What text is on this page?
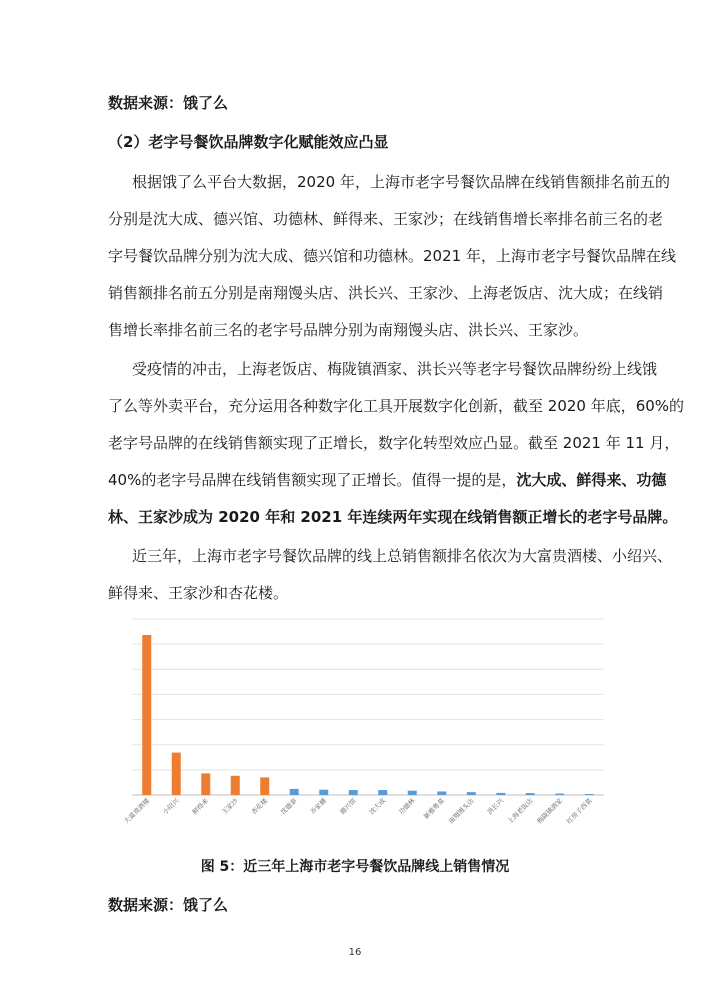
数据来源：饿了么
（2）老字号餐饮品牌数字化赋能效应凸显
根据饿了么平台大数据，2020 年，上海市老字号餐饮品牌在线销售额排名前五的
分别是沈大成、德兴馆、功德林、鲜得来、王家沙；在线销售增长率排名前三名的老
字号餐饮品牌分别为沈大成、德兴馆和功德林。2021 年，上海市老字号餐饮品牌在线
销售额排名前五分别是南翔馒头店、洪长兴、王家沙、上海老饭店、沈大成；在线销
售增长率排名前三名的老字号品牌分别为南翔馒头店、洪长兴、王家沙。
受疫情的冲击，上海老饭店、梅陇镇酒家、洪长兴等老字号餐饮品牌纷纷上线饿
了么等外卖平台，充分运用各种数字化工具开展数字化创新，截至 2020 年底，60%的
老字号品牌的在线销售额实现了正增长，数字化转型效应凸显。截至 2021 年 11 月，
40%的老字号品牌在线销售额实现了正增长。值得一提的是，沈大成、鲜得来、功德
林、王家沙成为 2020 年和 2021 年连续两年实现在线销售额正增长的老字号品牌。
近三年，上海市老字号餐饮品牌的线上总销售额排名依次为大富贵酒楼、小绍兴、
鲜得来、王家沙和杏花楼。
大富贵酒楼 小绍兴 鲜得来 王家沙 杏花楼 沈德泰 乔家栅 德兴馆 沈大成 功德林 新雅粤菜 南翔馒头店 洪长兴 上海老饭店 梅陇镇酒家 红房子西菜
图 5：近三年上海市老字号餐饮品牌线上销售情况
数据来源：饿了么
16
